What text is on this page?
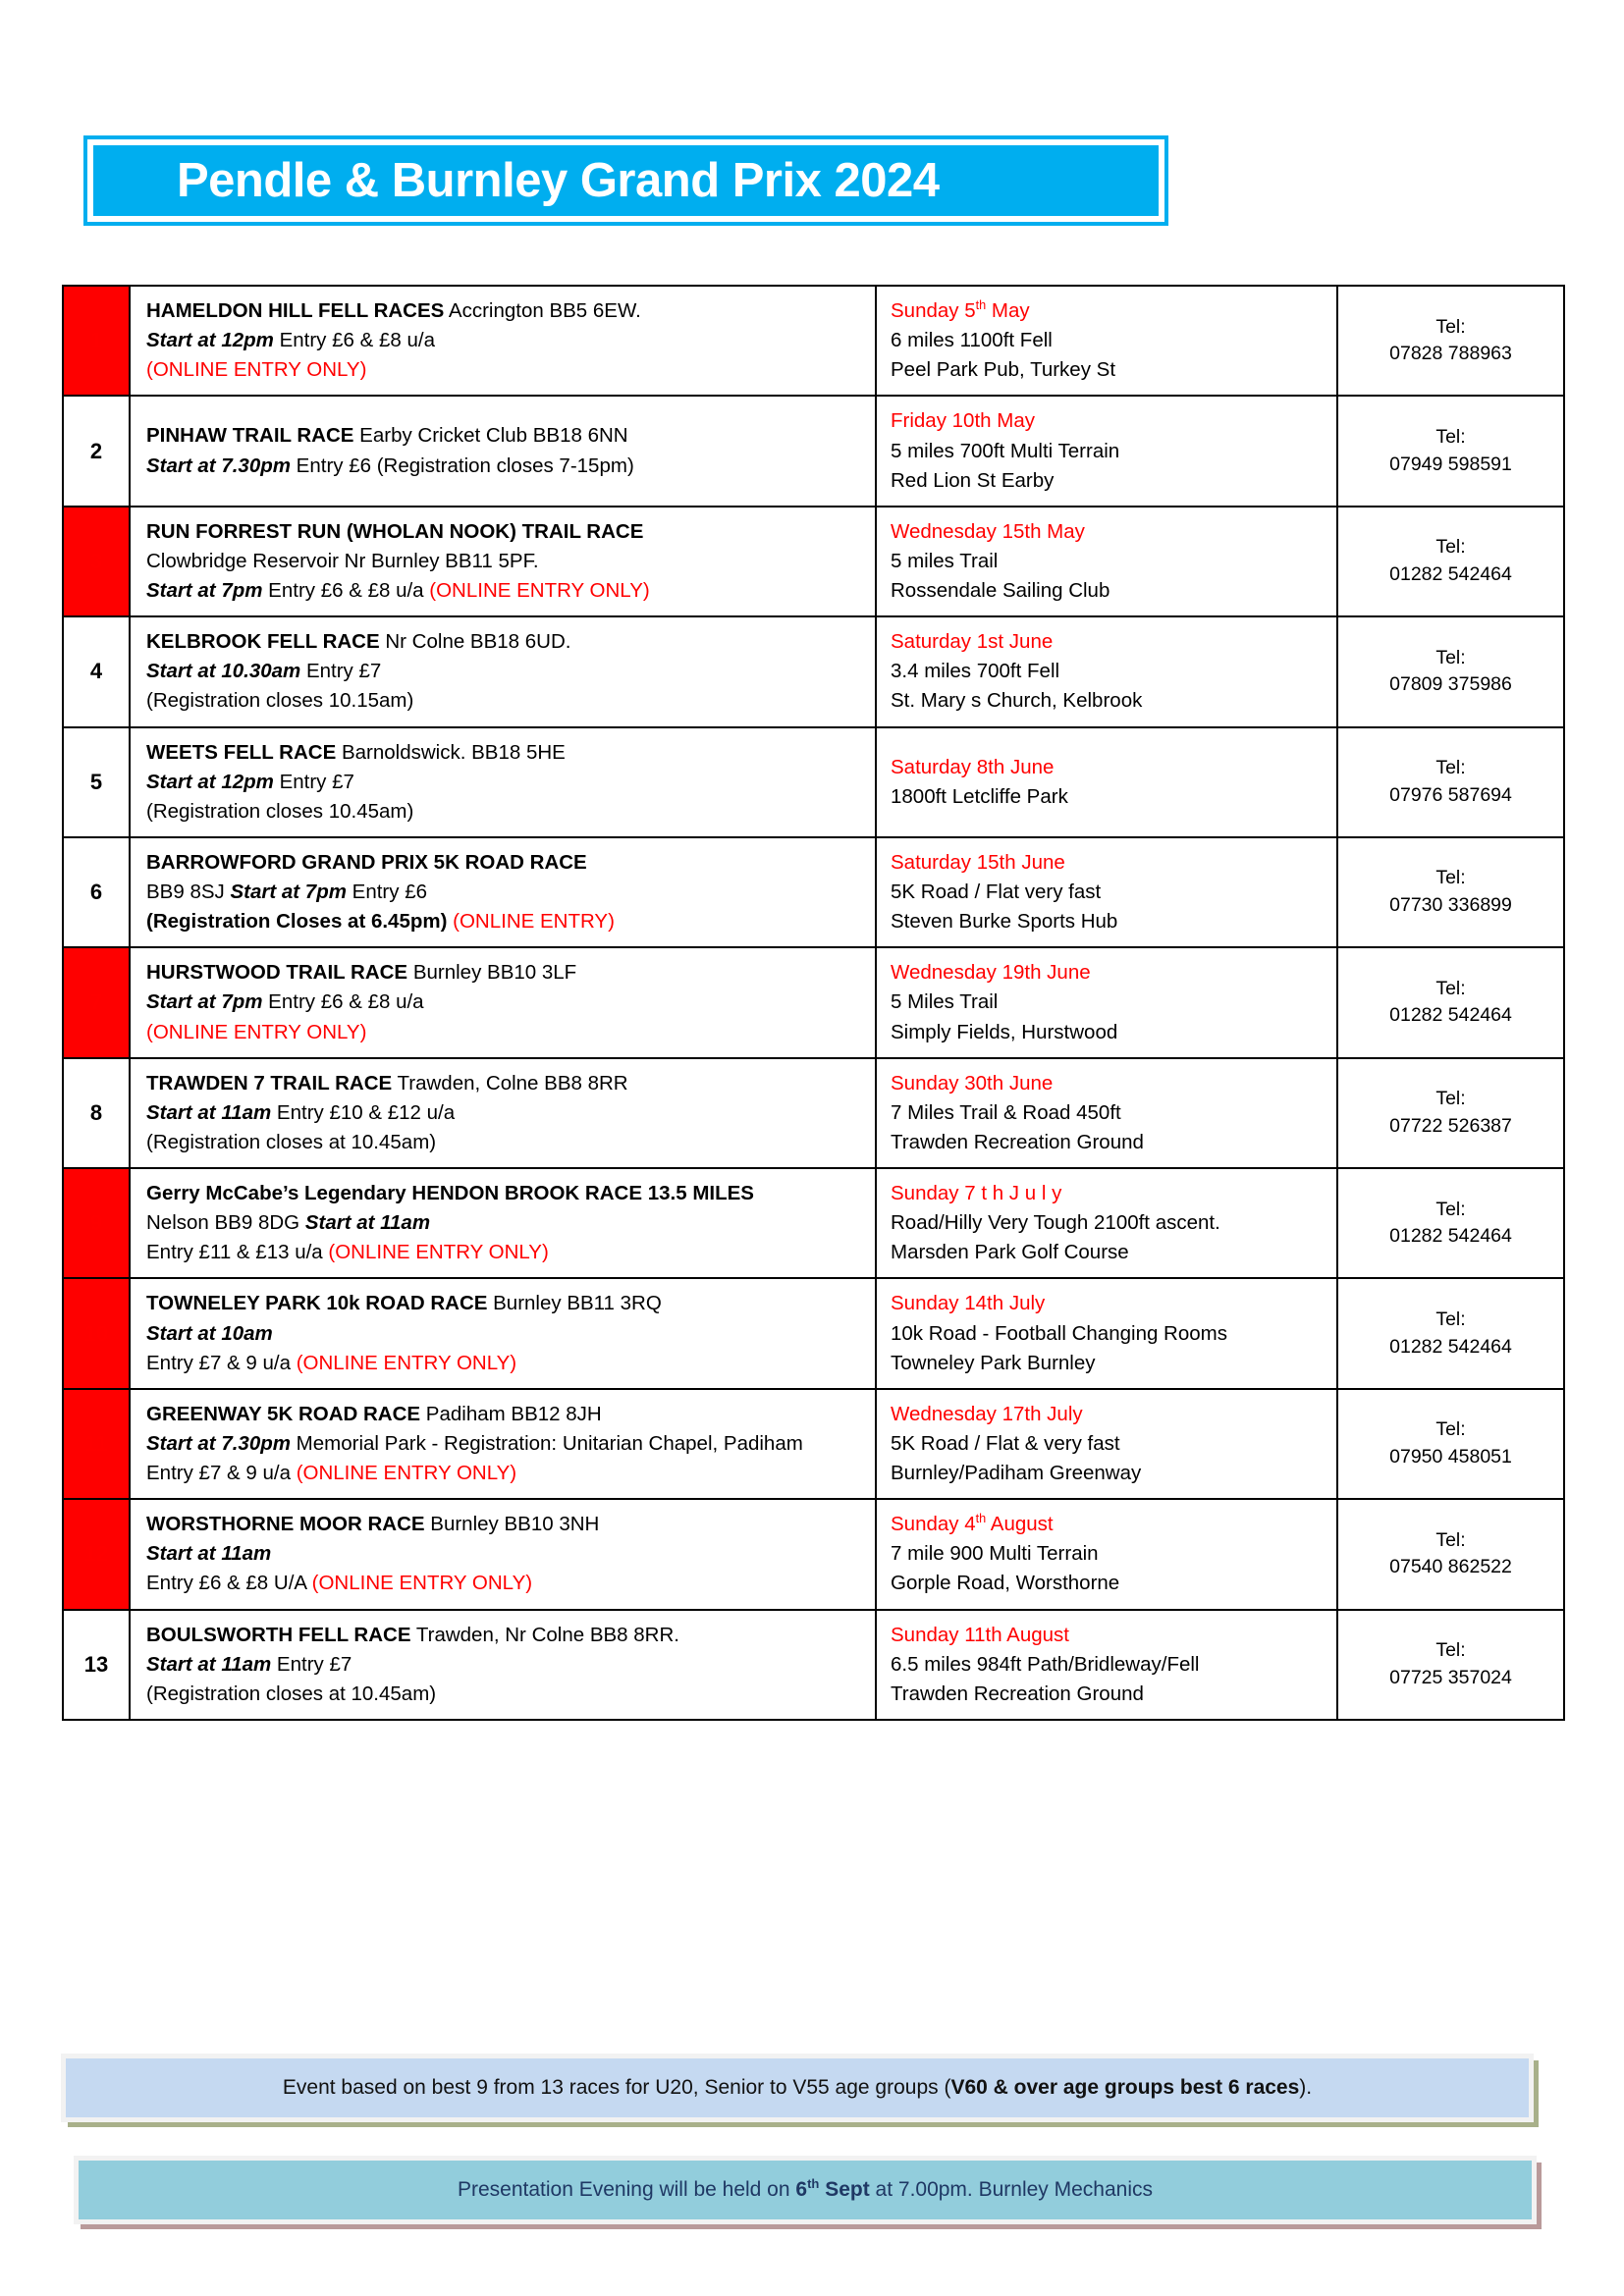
Pendle & Burnley Grand Prix 2024
1	HAMELDON HILL FELL RACES Accrington BB5 6EW.
Start at 12pm Entry £6 & £8 u/a
(ONLINE ENTRY ONLY)	Sunday 5th May
6 miles 1100ft Fell
Peel Park Pub, Turkey St	Tel:
07828 788963

2	PINHAW TRAIL RACE Earby Cricket Club BB18 6NN
Start at 7.30pm Entry £6 (Registration closes 7-15pm)	Friday 10th May
5 miles 700ft Multi Terrain
Red Lion St Earby	Tel:
07949 598591

3	RUN FORREST RUN (WHOLAN NOOK) TRAIL RACE
Clowbridge Reservoir Nr Burnley BB11 5PF.
Start at 7pm Entry £6 & £8 u/a (ONLINE ENTRY ONLY)	Wednesday 15th May
5 miles Trail
Rossendale Sailing Club	Tel:
01282 542464

4	KELBROOK FELL RACE Nr Colne BB18 6UD.
Start at 10.30am Entry £7
(Registration closes 10.15am)	Saturday 1st June
3.4 miles 700ft Fell
St. Mary s Church, Kelbrook	Tel:
07809 375986

5	WEETS FELL RACE Barnoldswick. BB18 5HE
Start at 12pm Entry £7
(Registration closes 10.45am)	Saturday 8th June
1800ft Letcliffe Park	Tel:
07976 587694

6	BARROWFORD GRAND PRIX 5K ROAD RACE
BB9 8SJ Start at 7pm Entry £6
(Registration Closes at 6.45pm) (ONLINE ENTRY)	Saturday 15th June
5K Road / Flat very fast
Steven Burke Sports Hub	Tel:
07730 336899

7	HURSTWOOD TRAIL RACE Burnley BB10 3LF
Start at 7pm Entry £6 & £8 u/a
(ONLINE ENTRY ONLY)	Wednesday 19th June
5 Miles Trail
Simply Fields, Hurstwood	Tel:
01282 542464

8	TRAWDEN 7 TRAIL RACE Trawden, Colne BB8 8RR
Start at 11am Entry £10 & £12 u/a
(Registration closes at 10.45am)	Sunday 30th June
7 Miles Trail & Road 450ft
Trawden Recreation Ground	Tel:
07722 526387

9	Gerry McCabe’s Legendary HENDON BROOK RACE 13.5 MILES
Nelson BB9 8DG Start at 11am
Entry £11 & £13 u/a (ONLINE ENTRY ONLY)	Sunday 7 t h J u l y
Road/Hilly Very Tough 2100ft ascent.
Marsden Park Golf Course	Tel:
01282 542464

10	TOWNELEY PARK 10k ROAD RACE Burnley BB11 3RQ
Start at 10am
Entry £7 & 9 u/a (ONLINE ENTRY ONLY)	Sunday 14th July
10k Road - Football Changing Rooms
Towneley Park Burnley	Tel:
01282 542464

11	GREENWAY 5K ROAD RACE Padiham BB12 8JH
Start at 7.30pm Memorial Park - Registration: Unitarian Chapel, Padiham
Entry £7 & 9 u/a (ONLINE ENTRY ONLY)	Wednesday 17th July
5K Road / Flat & very fast
Burnley/Padiham Greenway	Tel:
07950 458051

12	WORSTHORNE MOOR RACE Burnley BB10 3NH
Start at 11am
Entry £6 & £8 U/A (ONLINE ENTRY ONLY)	Sunday 4th August
7 mile 900 Multi Terrain
Gorple Road, Worsthorne	Tel:
07540 862522

13	BOULSWORTH FELL RACE Trawden, Nr Colne BB8 8RR.
Start at 11am Entry £7
(Registration closes at 10.45am)	Sunday 11th August
6.5 miles 984ft Path/Bridleway/Fell
Trawden Recreation Ground	Tel:
07725 357024
Event based on best 9 from 13 races for U20, Senior to V55 age groups (V60 & over age groups best 6 races).
Presentation Evening will be held on 6th Sept at 7.00pm. Burnley Mechanics
